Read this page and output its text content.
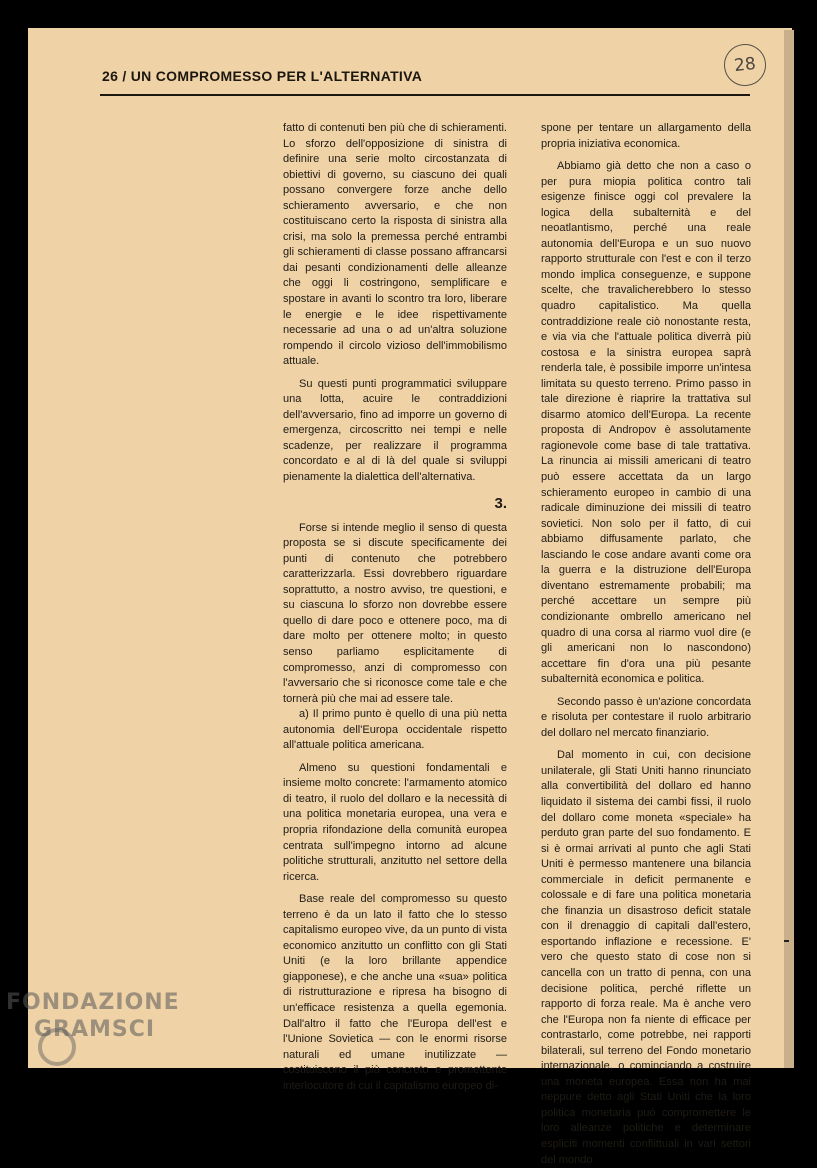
28
26 / UN COMPROMESSO PER L'ALTERNATIVA

fatto di contenuti ben più che di schieramenti. Lo sforzo dell'opposizione di sinistra di definire una serie molto circostanzata di obiettivi di governo, su ciascuno dei quali possano convergere forze anche dello schieramento avversario, e che non costituiscano certo la risposta di sinistra alla crisi, ma solo la premessa perché entrambi gli schieramenti di classe possano affrancarsi dai pesanti condizionamenti delle alleanze che oggi li costringono, semplificare e spostare in avanti lo scontro tra loro, liberare le energie e le idee rispettivamente necessarie ad una o ad un'altra soluzione rompendo il circolo vizioso dell'immobilismo attuale.

Su questi punti programmatici sviluppare una lotta, acuire le contraddizioni dell'avversario, fino ad imporre un governo di emergenza, circoscritto nei tempi e nelle scadenze, per realizzare il programma concordato e al di là del quale si sviluppi pienamente la dialettica dell'alternativa.

3.

Forse si intende meglio il senso di questa proposta se si discute specificamente dei punti di contenuto che potrebbero caratterizzarla. Essi dovrebbero riguardare soprattutto, a nostro avviso, tre questioni, e su ciascuna lo sforzo non dovrebbe essere quello di dare poco e ottenere poco, ma di dare molto per ottenere molto; in questo senso parliamo esplicitamente di compromesso, anzi di compromesso con l'avversario che si riconosce come tale e che tornerà più che mai ad essere tale.

a) Il primo punto è quello di una più netta autonomia dell'Europa occidentale rispetto all'attuale politica americana.

Almeno su questioni fondamentali e insieme molto concrete: l'armamento atomico di teatro, il ruolo del dollaro e la necessità di una politica monetaria europea, una vera e propria rifondazione della comunità europea centrata sull'impegno intorno ad alcune politiche strutturali, anzitutto nel settore della ricerca.

Base reale del compromesso su questo terreno è da un lato il fatto che lo stesso capitalismo europeo vive, da un punto di vista economico anzitutto un conflitto con gli Stati Uniti (e la loro brillante appendice giapponese), e che anche una «sua» politica di ristrutturazione e ripresa ha bisogno di un'efficace resistenza a quella egemonia. Dall'altro il fatto che l'Europa dell'est e l'Unione Sovietica — con le enormi risorse naturali ed umane inutilizzate — costituiscono il più concreto e promettente interlocutore di cui il capitalismo europeo di-

spone per tentare un allargamento della propria iniziativa economica.

Abbiamo già detto che non a caso o per pura miopia politica contro tali esigenze finisce oggi col prevalere la logica della subalternità e del neoatlantismo, perché una reale autonomia dell'Europa e un suo nuovo rapporto strutturale con l'est e con il terzo mondo implica conseguenze, e suppone scelte, che travalicherebbero lo stesso quadro capitalistico. Ma quella contraddizione reale ciò nonostante resta, e via via che l'attuale politica diverrà più costosa e la sinistra europea saprà renderla tale, è possibile imporre un'intesa limitata su questo terreno. Primo passo in tale direzione è riaprire la trattativa sul disarmo atomico dell'Europa. La recente proposta di Andropov è assolutamente ragionevole come base di tale trattativa. La rinuncia ai missili americani di teatro può essere accettata da un largo schieramento europeo in cambio di una radicale diminuzione dei missili di teatro sovietici. Non solo per il fatto, di cui abbiamo diffusamente parlato, che lasciando le cose andare avanti come ora la guerra e la distruzione dell'Europa diventano estremamente probabili; ma perché accettare un sempre più condizionante ombrello americano nel quadro di una corsa al riarmo vuol dire (e gli americani non lo nascondono) accettare fin d'ora una più pesante subalternità economica e politica.

Secondo passo è un'azione concordata e risoluta per contestare il ruolo arbitrario del dollaro nel mercato finanziario.

Dal momento in cui, con decisione unilaterale, gli Stati Uniti hanno rinunciato alla convertibilità del dollaro ed hanno liquidato il sistema dei cambi fissi, il ruolo del dollaro come moneta «speciale» ha perduto gran parte del suo fondamento. E si è ormai arrivati al punto che agli Stati Uniti è permesso mantenere una bilancia commerciale in deficit permanente e colossale e di fare una politica monetaria che finanzia un disastroso deficit statale con il drenaggio di capitali dall'estero, esportando inflazione e recessione. E' vero che questo stato di cose non si cancella con un tratto di penna, con una decisione politica, perché riflette un rapporto di forza reale. Ma è anche vero che l'Europa non fa niente di efficace per contrastarlo, come potrebbe, nei rapporti bilaterali, sul terreno del Fondo monetario internazionale, o cominciando a costruire una moneta europea. Essa non ha mai neppure detto agli Stati Uniti che la loro politica monetaria può compromettere le loro alleanze politiche e determinare espliciti momenti conflittuali in vari settori del mondo

FONDAZIONE
GRAMSCI
